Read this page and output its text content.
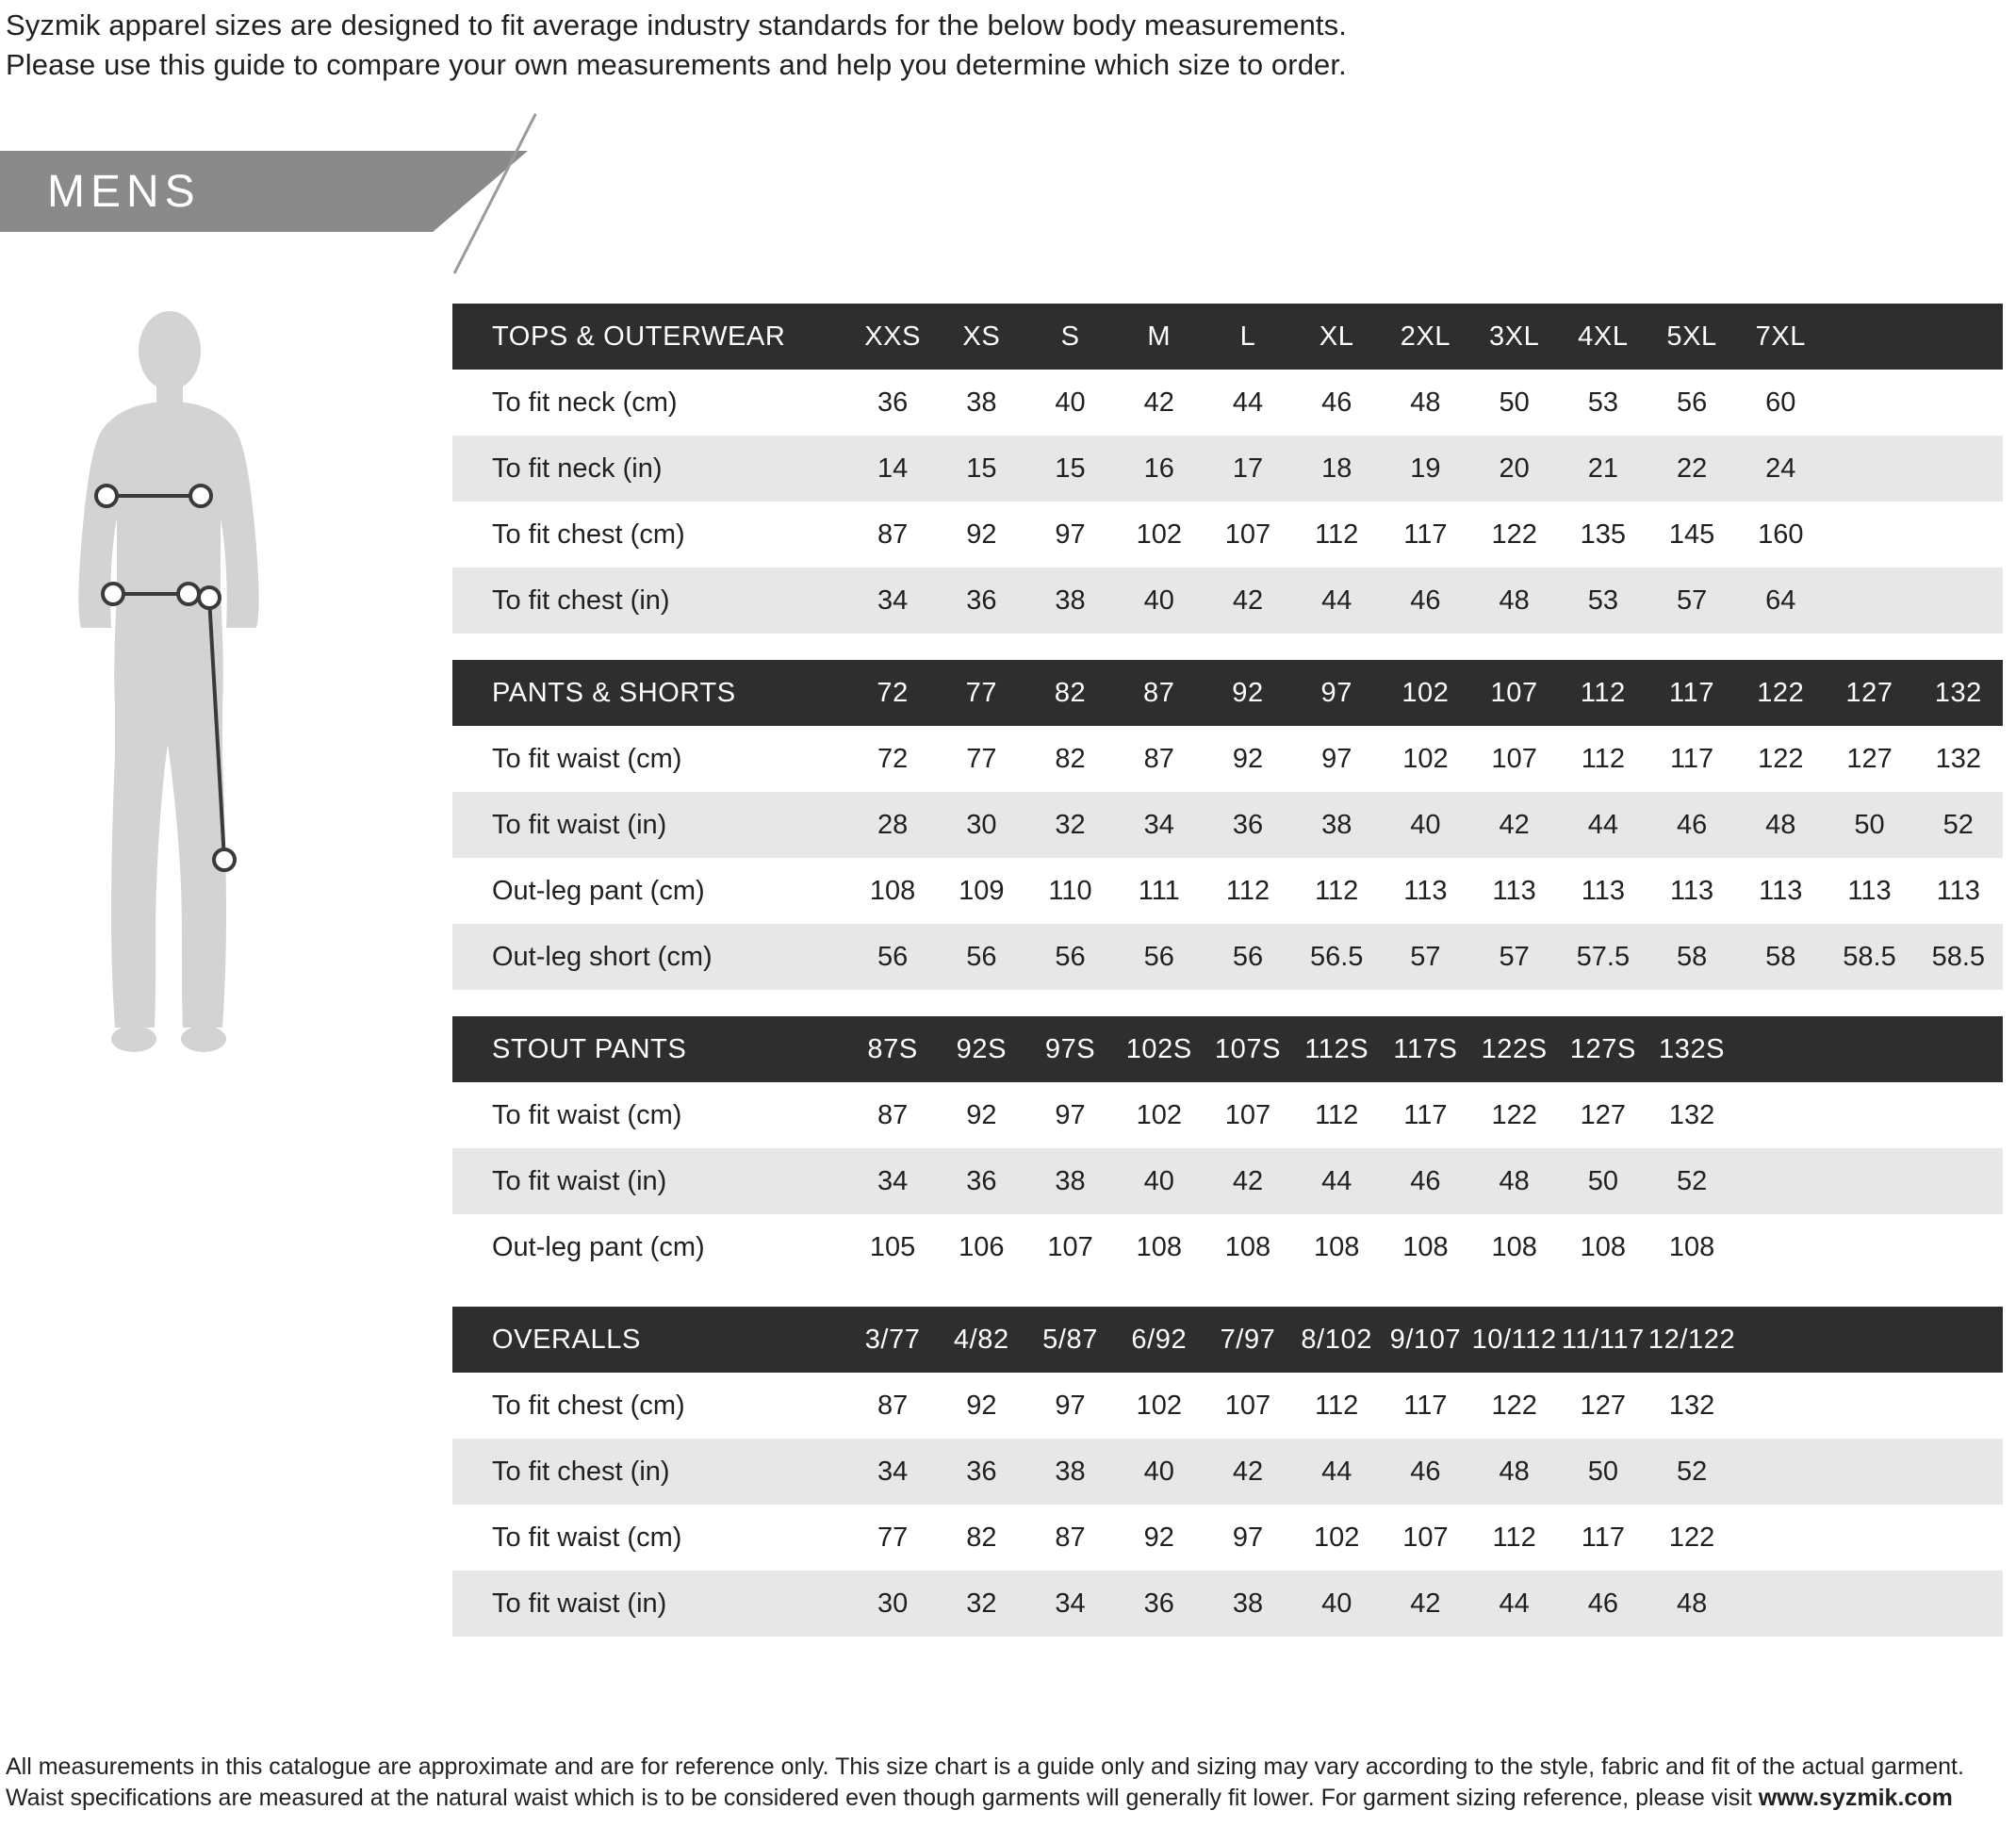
Syzmik apparel sizes are designed to fit average industry standards for the below body measurements.
Please use this guide to compare your own measurements and help you determine which size to order.
MENS
TOPS & OUTERWEAR	XXS	XS	S	M	L	XL	2XL	3XL	4XL	5XL	7XL		
To fit neck (cm)	36	38	40	42	44	46	48	50	53	56	60		
To fit neck (in)	14	15	15	16	17	18	19	20	21	22	24		
To fit chest (cm)	87	92	97	102	107	112	117	122	135	145	160		
To fit chest (in)	34	36	38	40	42	44	46	48	53	57	64		
PANTS & SHORTS	72	77	82	87	92	97	102	107	112	117	122	127	132
To fit waist (cm)	72	77	82	87	92	97	102	107	112	117	122	127	132
To fit waist (in)	28	30	32	34	36	38	40	42	44	46	48	50	52
Out-leg pant (cm)	108	109	110	111	112	112	113	113	113	113	113	113	113
Out-leg short (cm)	56	56	56	56	56	56.5	57	57	57.5	58	58	58.5	58.5
STOUT PANTS	87S	92S	97S	102S	107S	112S	117S	122S	127S	132S			
To fit waist (cm)	87	92	97	102	107	112	117	122	127	132			
To fit waist (in)	34	36	38	40	42	44	46	48	50	52			
Out-leg pant (cm)	105	106	107	108	108	108	108	108	108	108			
OVERALLS	3/77	4/82	5/87	6/92	7/97	8/102	9/107	10/112	11/117	12/122			
To fit chest (cm)	87	92	97	102	107	112	117	122	127	132			
To fit chest (in)	34	36	38	40	42	44	46	48	50	52			
To fit waist (cm)	77	82	87	92	97	102	107	112	117	122			
To fit waist (in)	30	32	34	36	38	40	42	44	46	48			
All measurements in this catalogue are approximate and are for reference only. This size chart is a guide only and sizing may vary according to the style, fabric and fit of the actual garment. Waist specifications are measured at the natural waist which is to be considered even though garments will generally fit lower. For garment sizing reference, please visit www.syzmik.com
